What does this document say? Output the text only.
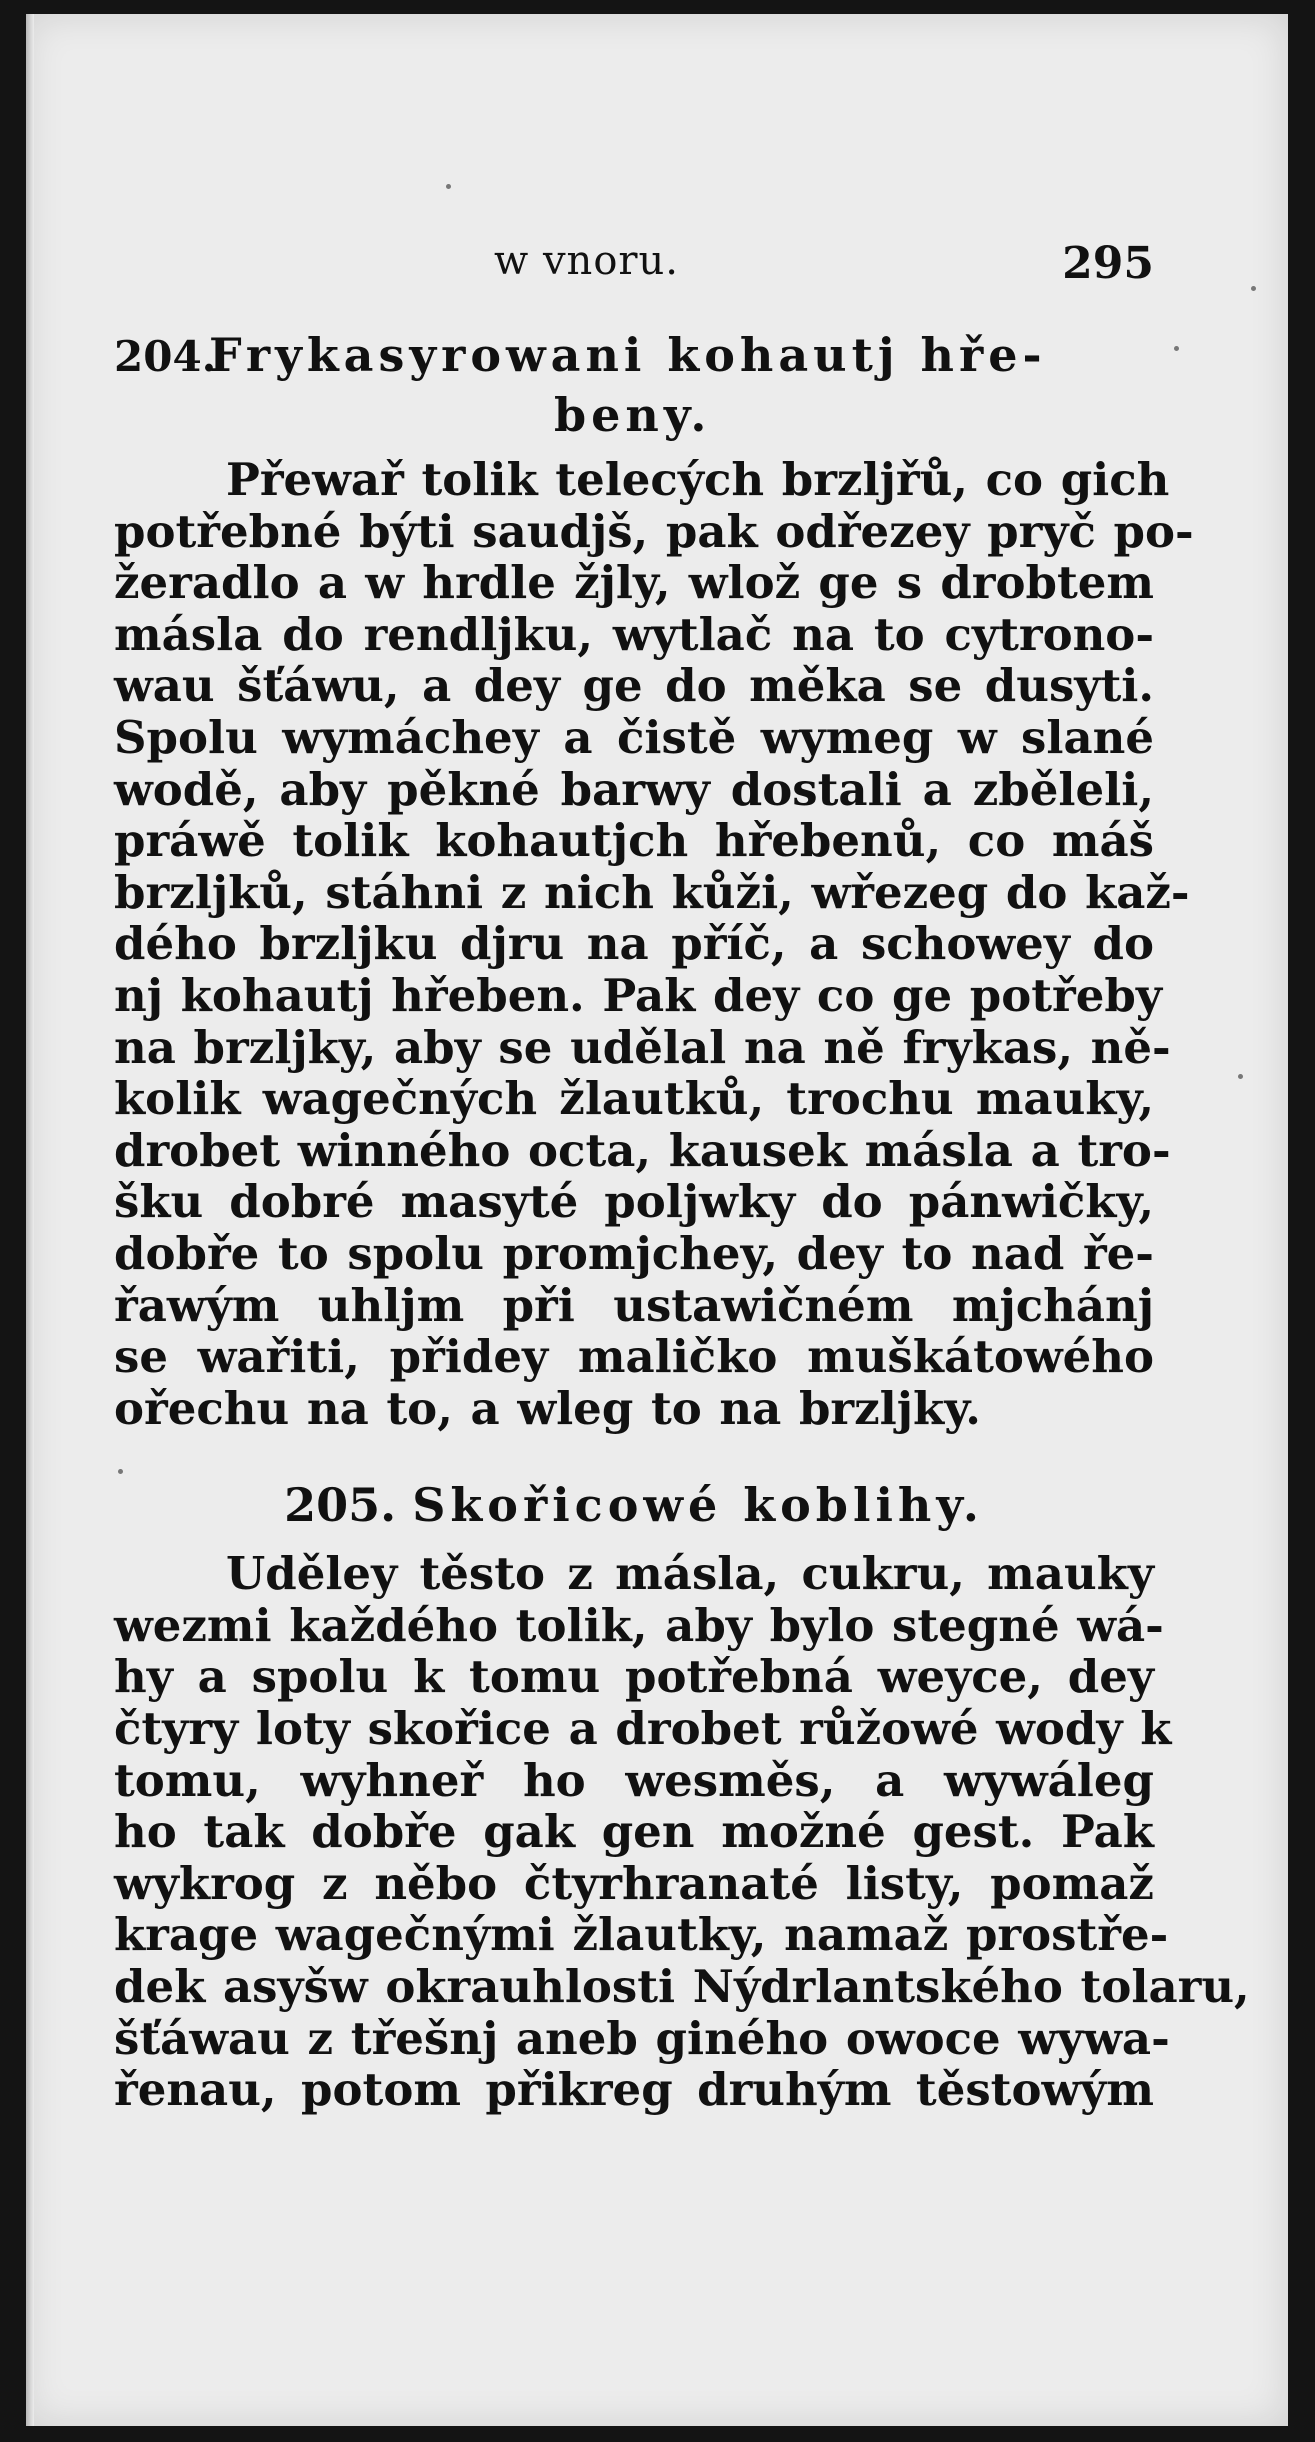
w vnoru.	295
204.Frykasyrowani kohautj hře-
beny.
Přewař tolik telecých brzljřů, co gich
potřebné býti saudjš, pak odřezey pryč po-
žeradlo a w hrdle žjly, wlož ge s drobtem
másla do rendljku, wytlač na to cytrono-
wau šťáwu, a dey ge do měka se dusyti.
Spolu wymáchey a čistě wymeg w slané
wodě, aby pěkné barwy dostali a zběleli,
práwě tolik kohautjch hřebenů, co máš
brzljků, stáhni z nich kůži, wřezeg do kaž-
dého brzljku djru na příč, a schowey do
nj kohautj hřeben. Pak dey co ge potřeby
na brzljky, aby se udělal na ně frykas, ně-
kolik wagečných žlautků, trochu mauky,
drobet winného octa, kausek másla a tro-
šku dobré masyté poljwky do pánwičky,
dobře to spolu promjchey, dey to nad ře-
řawým uhljm při ustawičném mjchánj
se wařiti, přidey maličko muškátowého
ořechu na to, a wleg to na brzljky.
205. Skořicowé koblihy.
Uděley těsto z másla, cukru, mauky
wezmi každého tolik, aby bylo stegné wá-
hy a spolu k tomu potřebná weyce, dey
čtyry loty skořice a drobet růžowé wody k
tomu, wyhneř ho wesměs, a wywáleg
ho tak dobře gak gen možné gest. Pak
wykrog z něbo čtyrhranaté listy, pomaž
krage wagečnými žlautky, namaž prostře-
dek asyšw okrauhlosti Nýdrlantského tolaru,
šťáwau z třešnj aneb giného owoce wywa-
řenau, potom přikreg druhým těstowým
